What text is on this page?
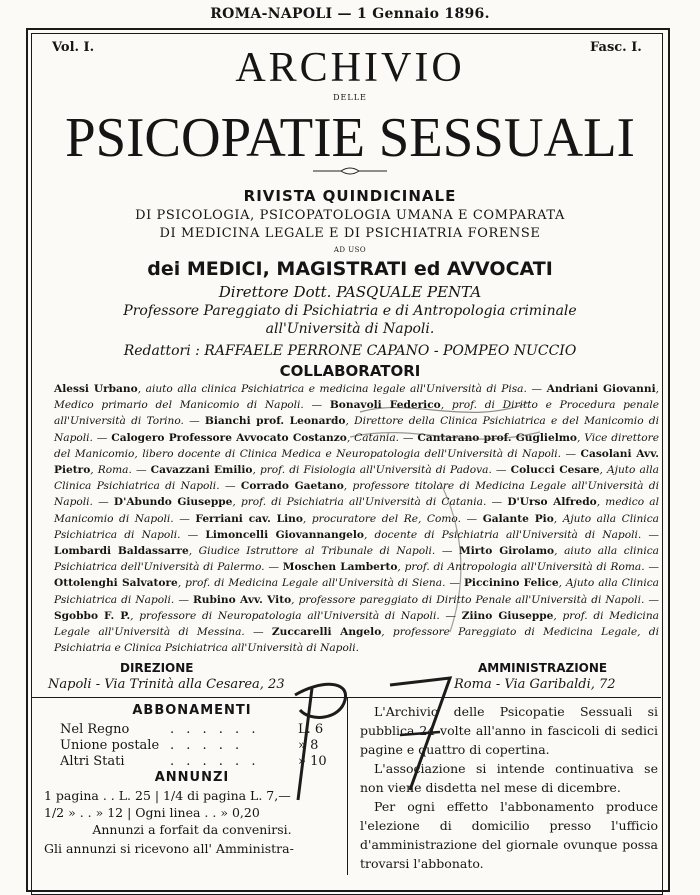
ROMA-NAPOLI — 1 Gennaio 1896.
Vol. I.	Fasc. I.
ARCHIVIO
DELLE
PSICOPATIE SESSUALI
RIVISTA QUINDICINALE
DI PSICOLOGIA, PSICOPATOLOGIA UMANA E COMPARATA
DI MEDICINA LEGALE E DI PSICHIATRIA FORENSE
AD USO
dei MEDICI, MAGISTRATI ed AVVOCATI
Direttore Dott. PASQUALE PENTA
Professore Pareggiato di Psichiatria e di Antropologia criminale
all'Università di Napoli.
Redattori : RAFFAELE PERRONE CAPANO - POMPEO NUCCIO
COLLABORATORI
Alessi Urbano, aiuto alla clinica Psichiatrica e medicina legale all'Università di Pisa. — Andriani Giovanni, Medico primario del Manicomio di Napoli. — Bonavoli Federico, prof. di Diritto e Procedura penale all'Università di Torino. — Bianchi prof. Leonardo, Direttore della Clinica Psichiatrica e del Manicomio di Napoli. — Calogero Professore Avvocato Costanzo, Catania. — Cantarano prof. Guglielmo, Vice direttore del Manicomio, libero docente di Clinica Medica e Neuropatologia dell'Università di Napoli. — Casolani Avv. Pietro, Roma. — Cavazzani Emilio, prof. di Fisiologia all'Università di Padova. — Colucci Cesare, Ajuto alla Clinica Psichiatrica di Napoli. — Corrado Gaetano, professore titolare di Medicina Legale all'Università di Napoli. — D'Abundo Giuseppe, prof. di Psichiatria all'Università di Catania. — D'Urso Alfredo, medico al Manicomio di Napoli. — Ferriani cav. Lino, procuratore del Re, Como. — Galante Pio, Ajuto alla Clinica Psichiatrica di Napoli. — Limoncelli Giovannangelo, docente di Psichiatria all'Università di Napoli. — Lombardi Baldassarre, Giudice Istruttore al Tribunale di Napoli. — Mirto Girolamo, aiuto alla clinica Psichiatrica dell'Università di Palermo. — Moschen Lamberto, prof. di Antropologia all'Università di Roma. — Ottolenghi Salvatore, prof. di Medicina Legale all'Università di Siena. — Piccinino Felice, Ajuto alla Clinica Psichiatrica di Napoli. — Rubino Avv. Vito, professore pareggiato di Diritto Penale all'Università di Napoli. — Sgobbo F. P., professore di Neuropatologia all'Università di Napoli. — Ziino Giuseppe, prof. di Medicina Legale all'Università di Messina. — Zuccarelli Angelo, professore Pareggiato di Medicina Legale, di Psichiatria e Clinica Psichiatrica all'Università di Napoli.
DIREZIONE
Napoli - Via Trinità alla Cesarea, 23
AMMINISTRAZIONE
Roma - Via Garibaldi, 72
ABBONAMENTI
Nel Regno	. . . . . .	L. 6
Unione postale . . . . .	» 8
Altri Stati	. . . . . .	» 10
ANNUNZI
1 pagina . . L. 25 | 1/4 di pagina L. 7,—
1/2 » . . » 12 | Ogni linea . . » 0,20
Annunzi a forfait da convenirsi.
Gli annunzi si ricevono all' Amministra-

L'Archivio delle Psicopatie Sessuali si pubblica 24 volte all'anno in fascicoli di sedici pagine e quattro di copertina.

L'associazione si intende continuativa se non viene disdetta nel mese di dicembre.

Per ogni effetto l'abbonamento produce l'elezione di domicilio presso l'ufficio d'amministrazione del giornale ovunque possa trovarsi l'abbonato.
